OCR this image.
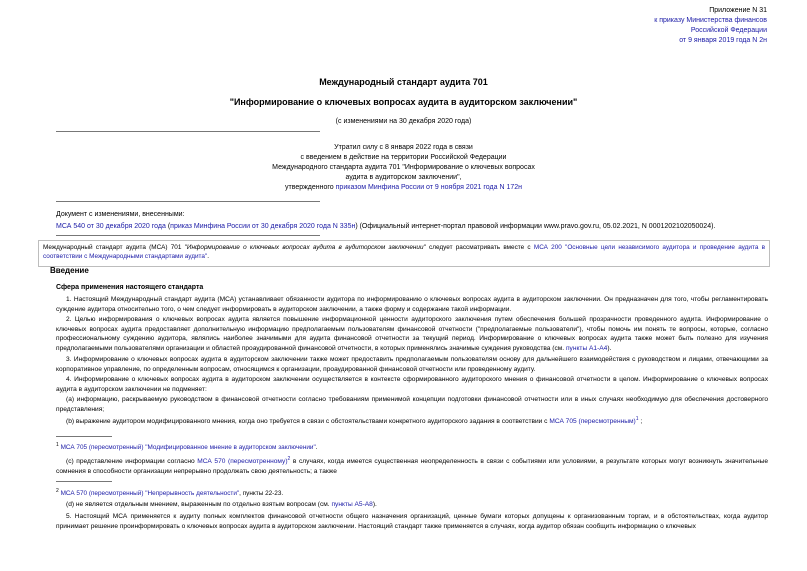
Приложение N 31
к приказу Министерства финансов
Российской Федерации
от 9 января 2019 года N 2н
Международный стандарт аудита 701
"Информирование о ключевых вопросах аудита в аудиторском заключении"
(с изменениями на 30 декабря 2020 года)
Утратил силу с 8 января 2022 года в связи
с введением в действие на территории Российской Федерации
Международного стандарта аудита 701 "Информирование о ключевых вопросах
аудита в аудиторском заключении",
утвержденного приказом Минфина России от 9 ноября 2021 года N 172н
Документ с изменениями, внесенными:
МСА 540 от 30 декабря 2020 года (приказ Минфина России от 30 декабря 2020 года N 335н) (Официальный интернет-портал правовой информации www.pravo.gov.ru, 05.02.2021, N 0001202102050024).
Международный стандарт аудита (МСА) 701 "Информирование о ключевых вопросах аудита в аудиторском заключении" следует рассматривать вместе с МСА 200 "Основные цели независимого аудитора и проведение аудита в соответствии с Международными стандартами аудита".
Введение
Сфера применения настоящего стандарта
1. Настоящий Международный стандарт аудита (МСА) устанавливает обязанности аудитора по информированию о ключевых вопросах аудита в аудиторском заключении. Он предназначен для того, чтобы регламентировать суждение аудитора относительно того, о чем следует информировать в аудиторском заключении, а также форму и содержание такой информации.
2. Целью информирования о ключевых вопросах аудита является повышение информационной ценности аудиторского заключения путем обеспечения большей прозрачности проведенного аудита. Информирование о ключевых вопросах аудита предоставляет дополнительную информацию предполагаемым пользователям финансовой отчетности ("предполагаемые пользователи"), чтобы помочь им понять те вопросы, которые, согласно профессиональному суждению аудитора, являлись наиболее значимыми для аудита финансовой отчетности за текущий период. Информирование о ключевых вопросах аудита также может быть полезно для изучения предполагаемыми пользователями организации и областей проаудированной финансовой отчетности, в которых применялись значимые суждения руководства (см. пункты A1-A4).
3. Информирование о ключевых вопросах аудита в аудиторском заключении также может предоставить предполагаемым пользователям основу для дальнейшего взаимодействия с руководством и лицами, отвечающими за корпоративное управление, по определенным вопросам, относящимся к организации, проаудированной финансовой отчетности или проведенному аудиту.
4. Информирование о ключевых вопросах аудита в аудиторском заключении осуществляется в контексте сформированного аудиторского мнения о финансовой отчетности в целом. Информирование о ключевых вопросах аудита в аудиторском заключении не подменяет:
(a) информацию, раскрываемую руководством в финансовой отчетности согласно требованиям применимой концепции подготовки финансовой отчетности или в иных случаях необходимую для обеспечения достоверного представления;
(b) выражение аудитором модифицированного мнения, когда оно требуется в связи с обстоятельствами конкретного аудиторского задания в соответствии с МСА 705 (пересмотренным)$^1$ ;
$^1$ МСА 705 (пересмотренный) "Модифицированное мнение в аудиторском заключении".
(c) представление информации согласно МСА 570 (пересмотренному)$^2$ в случаях, когда имеется существенная неопределенность в связи с событиями или условиями, в результате которых могут возникнуть значительные сомнения в способности организации непрерывно продолжать свою деятельность; а также
$^2$ МСА 570 (пересмотренный) "Непрерывность деятельности", пункты 22-23.
(d) не является отдельным мнением, выраженным по отдельно взятым вопросам (см. пункты A5-A8).
5. Настоящий МСА применяется к аудиту полных комплектов финансовой отчетности общего назначения организаций, ценные бумаги которых допущены к организованным торгам, и в обстоятельствах, когда аудитор принимает решение проинформировать о ключевых вопросах аудита в аудиторском заключении. Настоящий стандарт также применяется в случаях, когда аудитор обязан сообщить информацию о ключевых
